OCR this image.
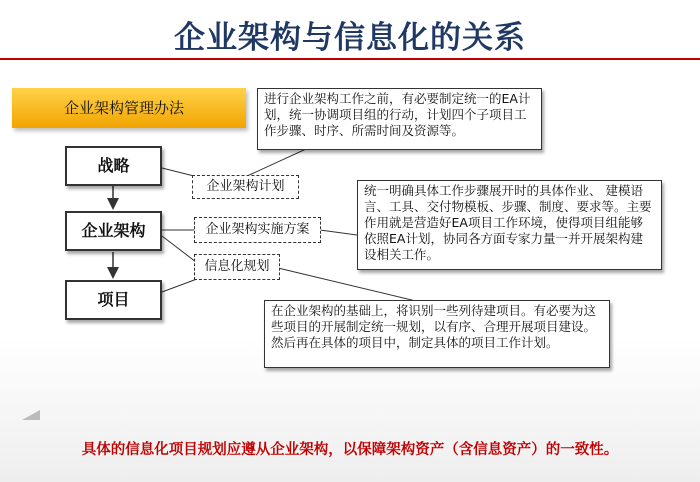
企业架构与信息化的关系
企业架构管理办法
战略
企业架构
项目
企业架构计划
企业架构实施方案
信息化规划
进行企业架构工作之前，有必要制定统一的EA计划，统一协调项目组的行动，计划四个子项目工作步骤、时序、所需时间及资源等。
统一明确具体工作步骤展开时的具体作业、 建模语言、工具、交付物模板、步骤、制度、要求等。主要作用就是营造好EA项目工作环境，使得项目组能够依照EA计划，协同各方面专家力量一并开展架构建设相关工作。
在企业架构的基础上，将识别一些列待建项目。有必要为这些项目的开展制定统一规划，以有序、合理开展项目建设。然后再在具体的项目中，制定具体的项目工作计划。
具体的信息化项目规划应遵从企业架构，以保障架构资产（含信息资产）的一致性。
